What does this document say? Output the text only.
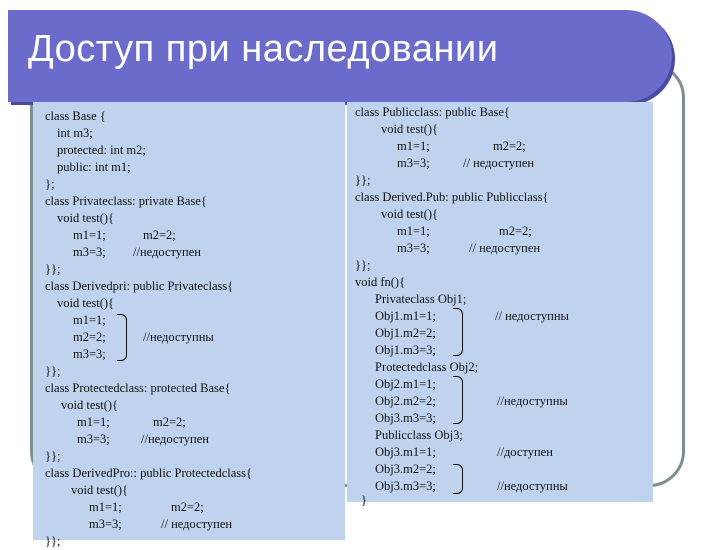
Доступ при наследовании
class Base {
int m3;
protected: int m2;
public: int m1;
};
class Privateclass: private Base{
void test(){
m1=1;	m2=2;
m3=3; //недоступен
}};
class Derivedpri: public Privateclass{
void test(){
m1=1;
m2=2;	//недоступны
m3=3;
}};
class Protectedclass: protected Base{
void test(){
m1=1;	m2=2;
m3=3;	//недоступен
}};
class DerivedPro:: public Protectedclass{
void test(){
m1=1;	m2=2;
m3=3;	// недоступен
}};
class Publicclass: public Base{
void test(){
m1=1;	m2=2;
m3=3;	// недоступен
}};
class Derived.Pub: public Publicclass{
void test(){
m1=1;	m2=2;
m3=3;	// недоступен
}};
void fn(){
Privateclass Obj1;
Obj1.m1=1;	// недоступны
Obj1.m2=2;
Obj1.m3=3;
Protectedclass Obj2;
Obj2.m1=1;
Obj2.m2=2;	//недоступны
Obj3.m3=3;
Publicclass Obj3;
Obj3.m1=1;	//доступен
Obj3.m2=2;
Obj3.m3=3;	//недоступны
}
